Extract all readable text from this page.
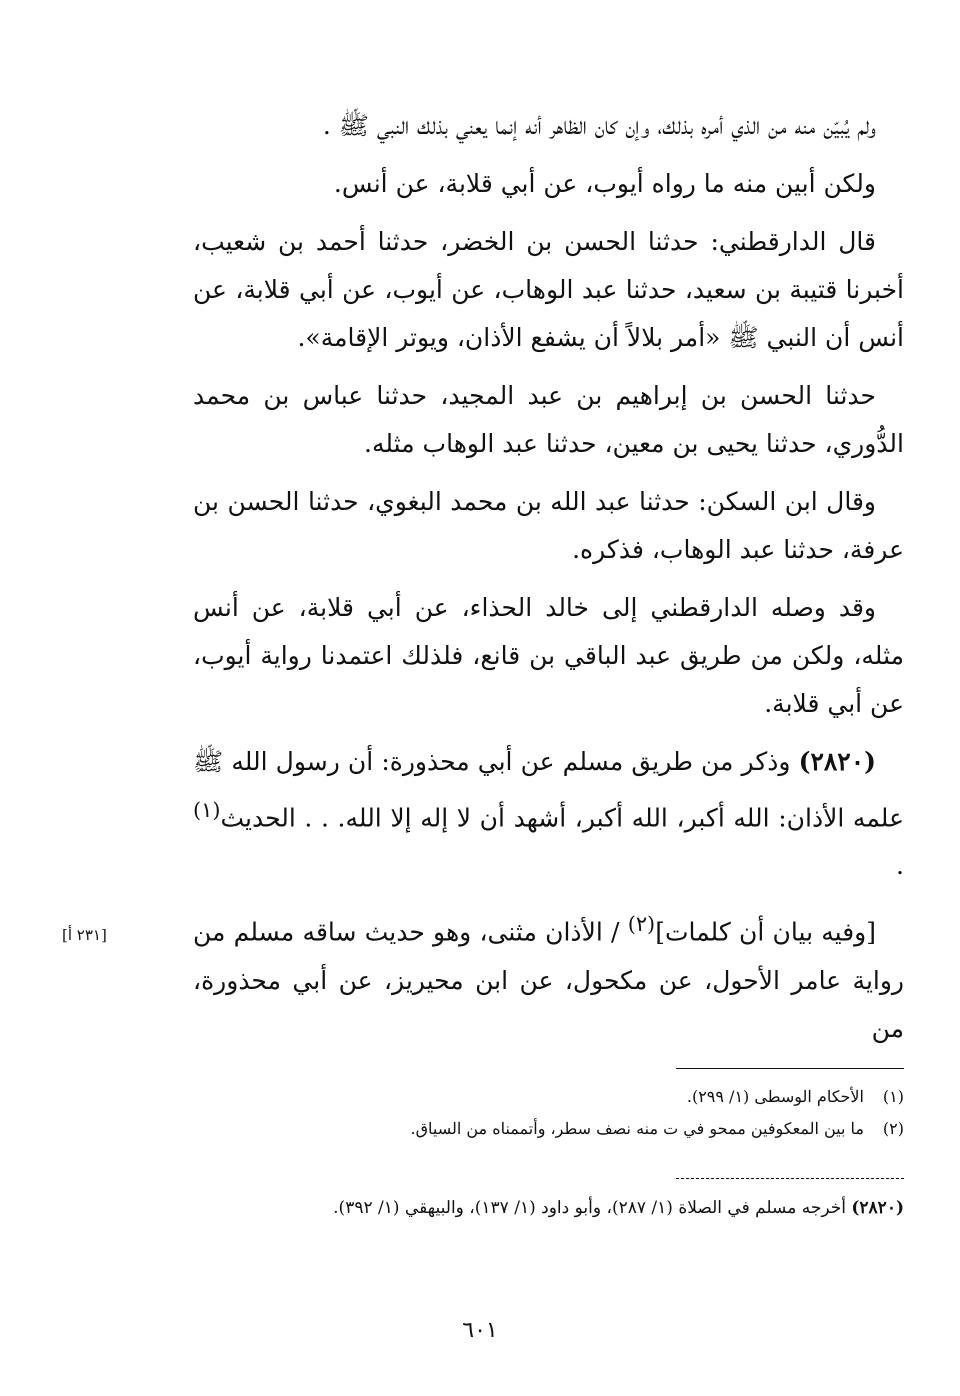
ولم يُبيّن منه من الذي أمره بذلك، وإن كان الظاهر أنه إنما يعني بذلك النبي ﷺ .

ولكن أبين منه ما رواه أيوب، عن أبي قلابة، عن أنس.

قال الدارقطني: حدثنا الحسن بن الخضر، حدثنا أحمد بن شعيب، أخبرنا قتيبة بن سعيد، حدثنا عبد الوهاب، عن أيوب، عن أبي قلابة، عن أنس أن النبي ﷺ «أمر بلالاً أن يشفع الأذان، ويوتر الإقامة».

حدثنا الحسن بن إبراهيم بن عبد المجيد، حدثنا عباس بن محمد الدُّوري، حدثنا يحيى بن معين، حدثنا عبد الوهاب مثله.

وقال ابن السكن: حدثنا عبد الله بن محمد البغوي، حدثنا الحسن بن عرفة، حدثنا عبد الوهاب، فذكره.

وقد وصله الدارقطني إلى خالد الحذاء، عن أبي قلابة، عن أنس مثله، ولكن من طريق عبد الباقي بن قانع، فلذلك اعتمدنا رواية أيوب، عن أبي قلابة.

(٢٨٢٠) وذكر من طريق مسلم عن أبي محذورة: أن رسول الله ﷺ علمه الأذان: الله أكبر، الله أكبر، أشهد أن لا إله إلا الله. . . الحديث$^{(١)}$ .

[وفيه بيان أن كلمات]$^{(٢)}$ / الأذان مثنى، وهو حديث ساقه مسلم من رواية عامر الأحول، عن مكحول، عن ابن محيريز، عن أبي محذورة، من

[٢٣١ أ]
(١)الأحكام الوسطى (١/ ٢٩٩).
(٢)ما بين المعكوفين ممحو في ت منه نصف سطر، وأتممناه من السياق.
(٢٨٢٠) أخرجه مسلم في الصلاة (١/ ٢٨٧)، وأبو داود (١/ ١٣٧)، والبيهقي (١/ ٣٩٢).
٦٠١
